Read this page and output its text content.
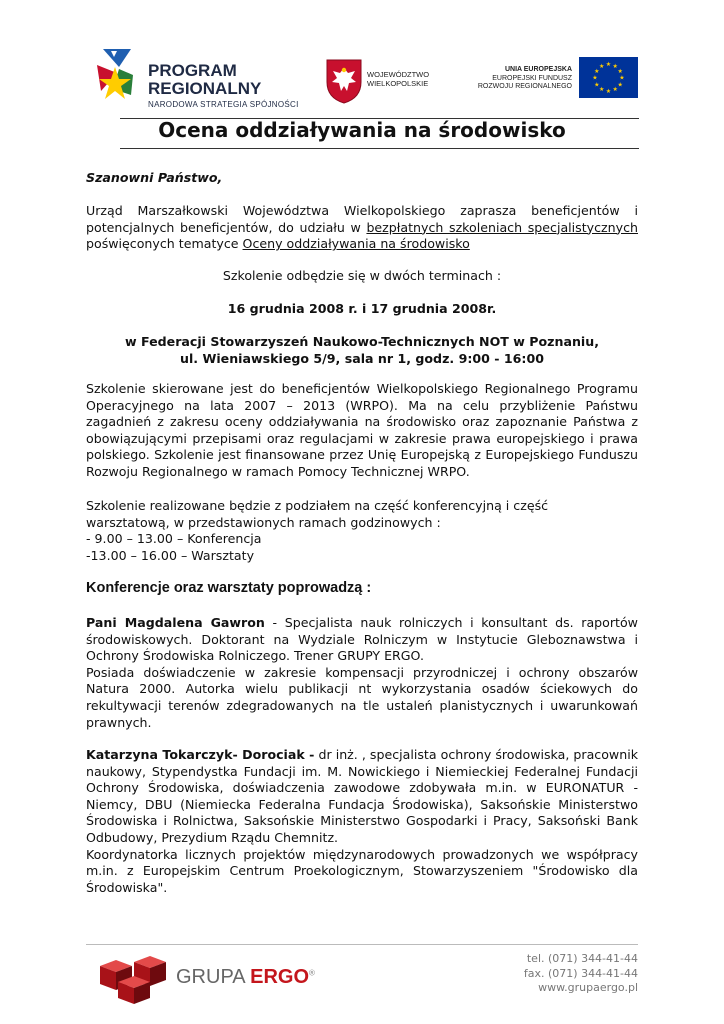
PROGRAM
REGIONALNY
NARODOWA STRATEGIA SPÓJNOŚCI
WOJEWÓDZTWO
WIELKOPOLSKIE
UNIA EUROPEJSKA
EUROPEJSKI FUNDUSZ
ROZWOJU REGIONALNEGO
★ ★
★
★
★
★
★
★
★
★
★
★
Ocena oddziaływania na środowisko
Szanowni Państwo,
Urząd Marszałkowski Województwa Wielkopolskiego zaprasza beneficjentów i potencjalnych beneficjentów, do udziału w bezpłatnych szkoleniach specjalistycznych poświęconych tematyce Oceny oddziaływania na środowisko
Szkolenie odbędzie się w dwóch terminach :
16 grudnia 2008 r. i 17 grudnia 2008r.
w Federacji Stowarzyszeń Naukowo-Technicznych NOT w Poznaniu,
ul. Wieniawskiego 5/9, sala nr 1, godz. 9:00 - 16:00
Szkolenie skierowane jest do beneficjentów Wielkopolskiego Regionalnego Programu Operacyjnego na lata 2007 – 2013 (WRPO). Ma na celu przybliżenie Państwu zagadnień z zakresu oceny oddziaływania na środowisko oraz zapoznanie Państwa z obowiązującymi przepisami oraz regulacjami w zakresie prawa europejskiego i prawa polskiego. Szkolenie jest finansowane przez Unię Europejską z Europejskiego Funduszu Rozwoju Regionalnego w ramach Pomocy Technicznej WRPO.
Szkolenie realizowane będzie z podziałem na część konferencyjną i część
warsztatową, w przedstawionych ramach godzinowych :
- 9.00 – 13.00 – Konferencja
-13.00 – 16.00 – Warsztaty
Konferencje oraz warsztaty poprowadzą :
Pani Magdalena Gawron - Specjalista nauk rolniczych i konsultant ds. raportów środowiskowych. Doktorant na Wydziale Rolniczym w Instytucie Gleboznawstwa i Ochrony Środowiska Rolniczego. Trener GRUPY ERGO.
Posiada doświadczenie w zakresie kompensacji przyrodniczej i ochrony obszarów Natura 2000. Autorka wielu publikacji nt wykorzystania osadów ściekowych do rekultywacji terenów zdegradowanych na tle ustaleń planistycznych i uwarunkowań prawnych.
Katarzyna Tokarczyk- Dorociak - dr inż. , specjalista ochrony środowiska, pracownik naukowy, Stypendystka Fundacji im. M. Nowickiego i Niemieckiej Federalnej Fundacji Ochrony Środowiska, doświadczenia zawodowe zdobywała m.in. w EURONATUR - Niemcy, DBU (Niemiecka Federalna Fundacja Środowiska), Saksońskie Ministerstwo Środowiska i Rolnictwa, Saksońskie Ministerstwo Gospodarki i Pracy, Saksoński Bank Odbudowy, Prezydium Rządu Chemnitz.
Koordynatorka licznych projektów międzynarodowych prowadzonych we współpracy m.in. z Europejskim Centrum Proekologicznym, Stowarzyszeniem "Środowisko dla Środowiska".
GRUPA ERGO®
tel. (071) 344-41-44
fax. (071) 344-41-44
www.grupaergo.pl
